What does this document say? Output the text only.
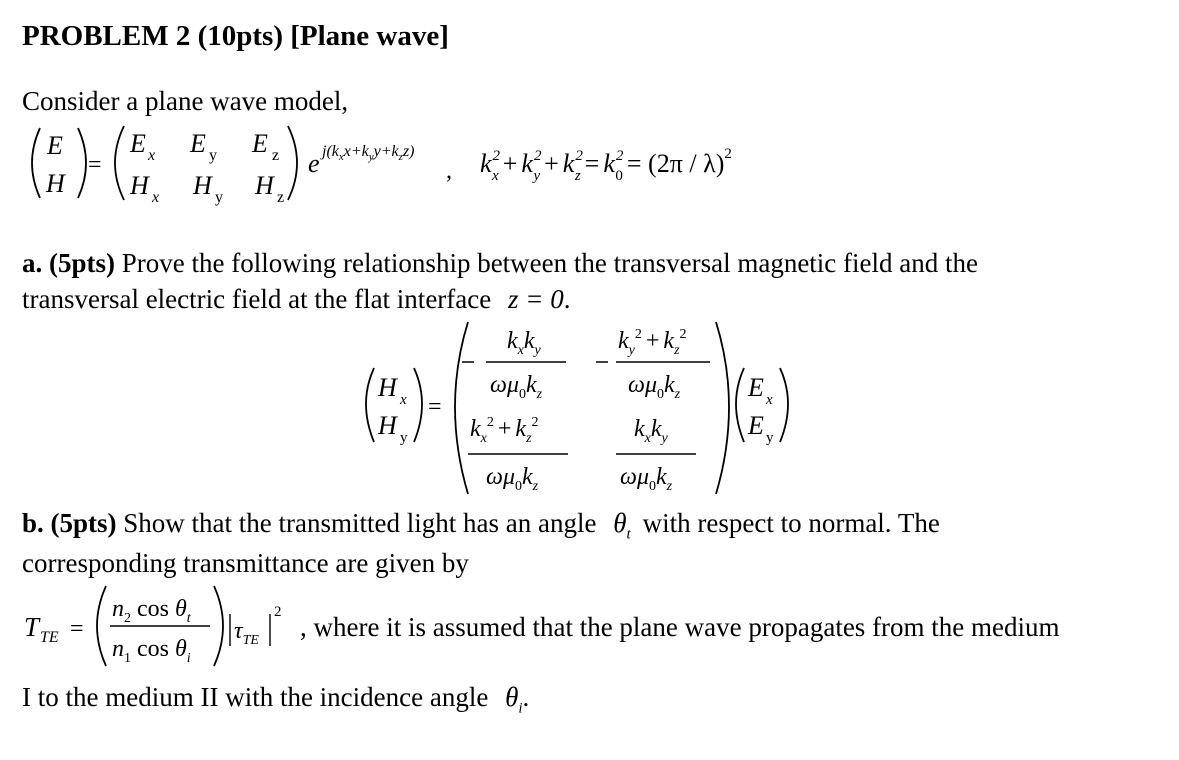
PROBLEM 2 (10pts) [Plane wave]
Consider a plane wave model,
E
H
=
E x E y E z
H x H y H z
e $j(k_xx+k_yy+k_zz)$
, $k^2$ $x + k^2$ $y + k^2$ $z = k^2$ 0 = (2π / λ)$^2$
a. (5pts) Prove the following relationship between the transversal magnetic field and the
transversal electric field at the flat interface z = 0.
H x
H y
=
$k_xk_y$
$\omega\mu_0k_z$
$k_y^2 + k_z^2$
$\omega\mu_0k_z$
$k_x^2 + k_z^2$
$\omega\mu_0k_z$
$k_xk_y$
$\omega\mu_0k_z$
E x
E y
b. (5pts) Show that the transmitted light has an angle $\theta_t$ with respect to normal. The
corresponding transmittance are given by
T TE =
$n_2$ $\cos \theta_t$
$n_1$ $\cos \theta_i$
$\tau_{TE}$
2 , where it is assumed that the plane wave propagates from the medium
I to the medium II with the incidence angle $\theta_i$.
